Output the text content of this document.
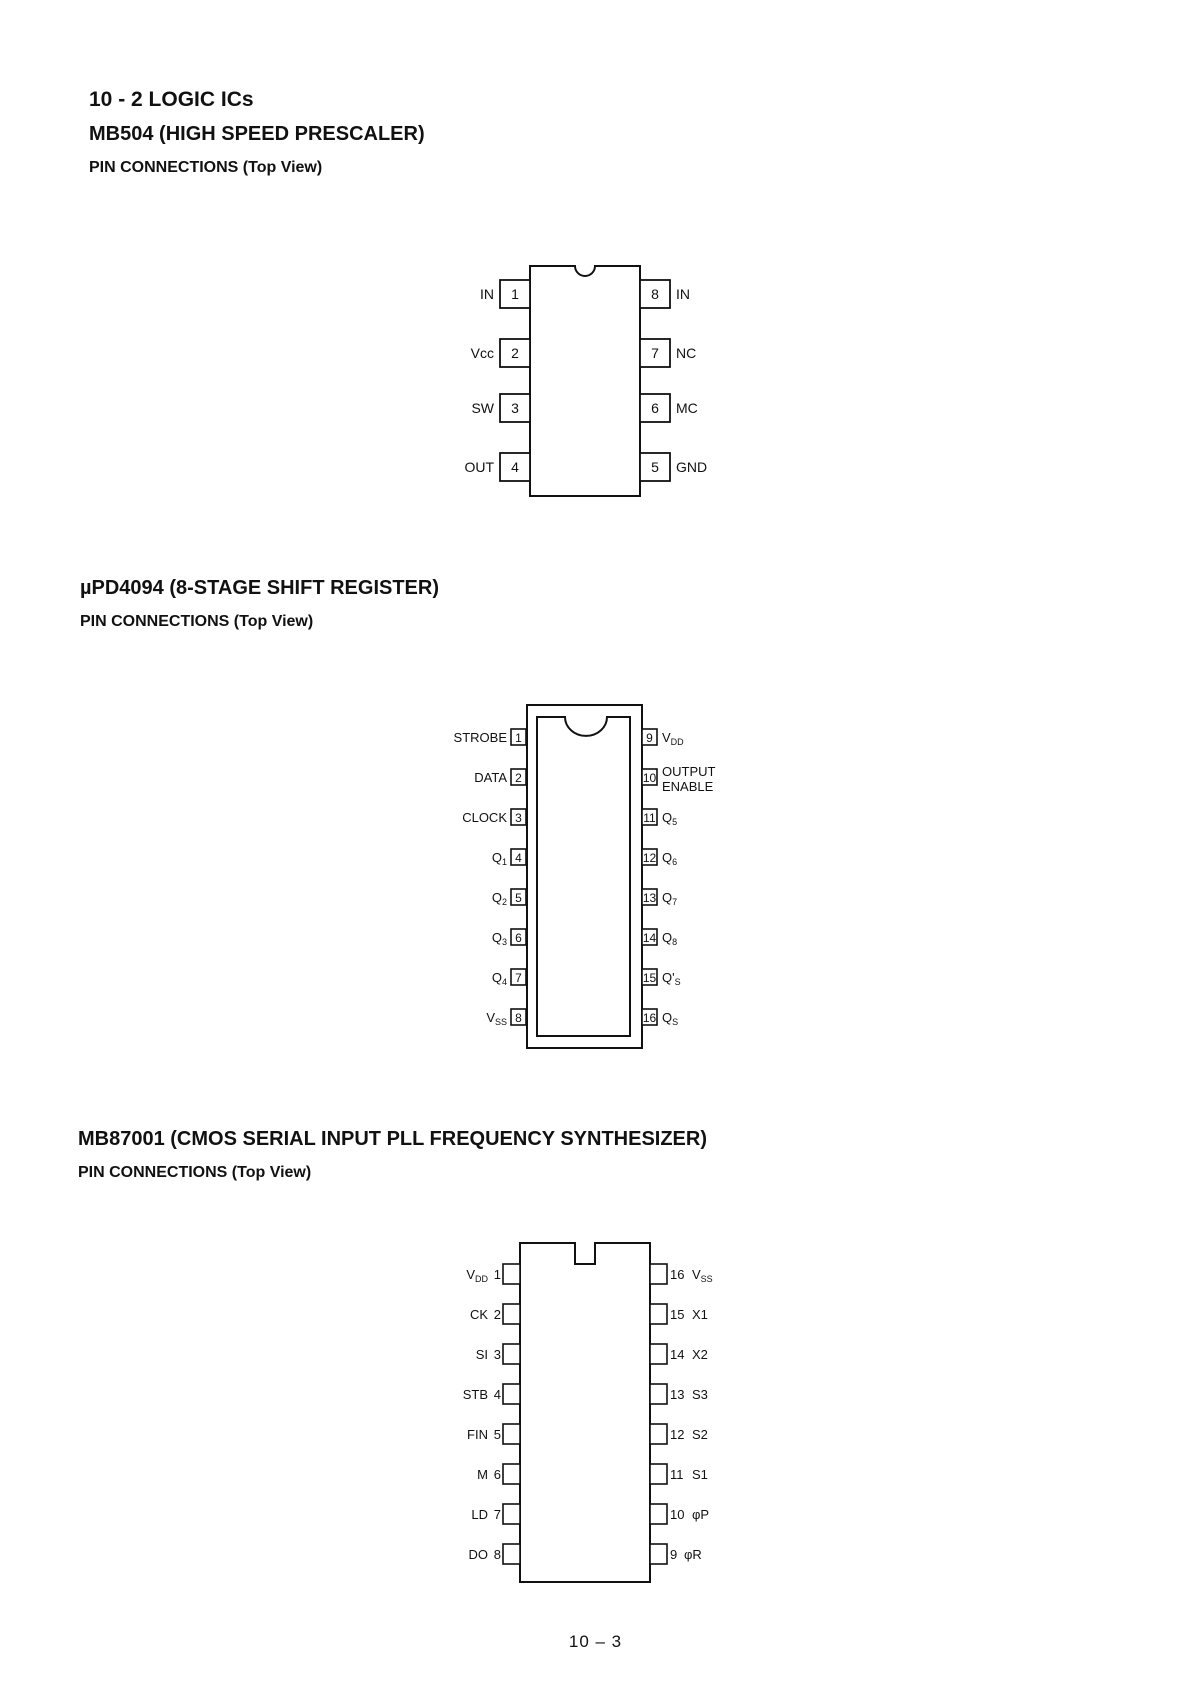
10 - 2 LOGIC ICs
MB504 (HIGH SPEED PRESCALER)
PIN CONNECTIONS (Top View)
µPD4094 (8-STAGE SHIFT REGISTER)
PIN CONNECTIONS (Top View)
MB87001 (CMOS SERIAL INPUT PLL FREQUENCY SYNTHESIZER)
PIN CONNECTIONS (Top View)
1
IN
2
Vcc
3
SW
4
OUT
8 IN
7 NC
6 MC
5 GND
1
STROBE
2
DATA
3
CLOCK
4
$Q_1$
5
$Q_2$
6
$Q_3$
7
$Q_4$
8
$V_{SS}$
9 $V_{DD}$
10 OUTPUT
ENABLE
11 $Q_5$
12 $Q_6$
13 $Q_7$
14 $Q_8$
15 $Q'_S$
16 $Q_S$
1
$V_{DD}$
2
CK
3
SI
4
STB
5
FIN
6
M
7
LD
8
DO
16 $V_{SS}$
15 X1
14 X2
13 S3
12 S2
11 S1
10 φP
9 φR
10 – 3
